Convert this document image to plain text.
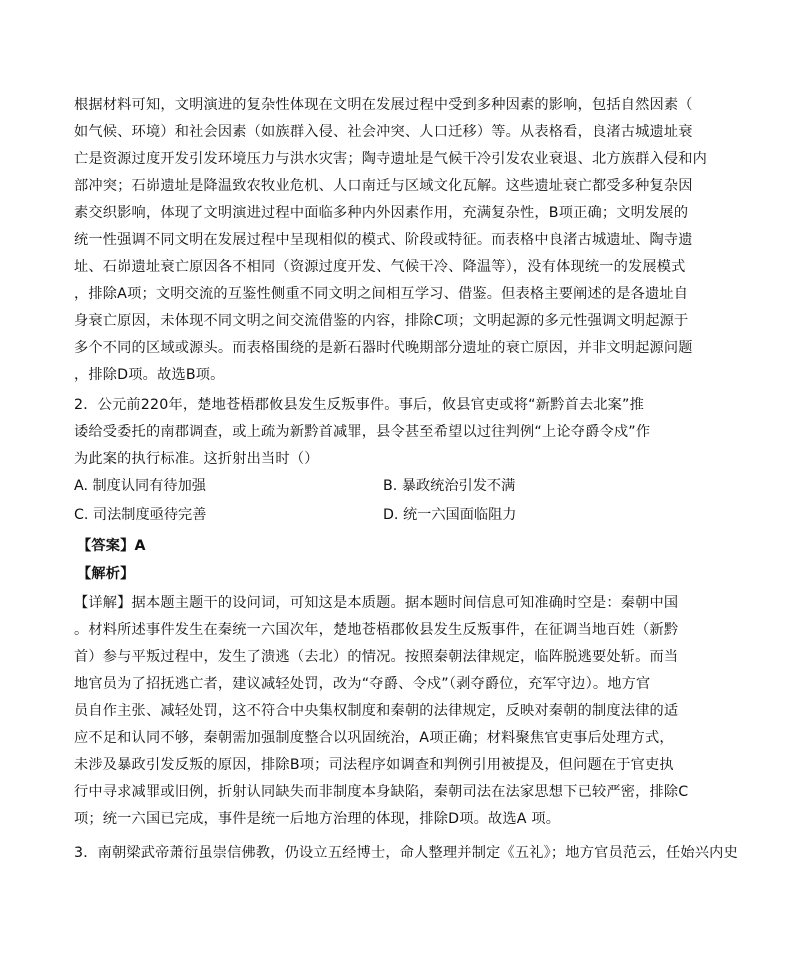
根据材料可知，文明演进的复杂性体现在文明在发展过程中受到多种因素的影响，包括自然因素（
如气候、环境）和社会因素（如族群入侵、社会冲突、人口迁移）等。从表格看，良渚古城遗址衰
亡是资源过度开发引发环境压力与洪水灾害；陶寺遗址是气候干冷引发农业衰退、北方族群入侵和内
部冲突；石峁遗址是降温致农牧业危机、人口南迁与区域文化瓦解。这些遗址衰亡都受多种复杂因
素交织影响，体现了文明演进过程中面临多种内外因素作用，充满复杂性，B项正确；文明发展的
统一性强调不同文明在发展过程中呈现相似的模式、阶段或特征。而表格中良渚古城遗址、陶寺遗
址、石峁遗址衰亡原因各不相同（资源过度开发、气候干冷、降温等），没有体现统一的发展模式
，排除A项；文明交流的互鉴性侧重不同文明之间相互学习、借鉴。但表格主要阐述的是各遗址自
身衰亡原因，未体现不同文明之间交流借鉴的内容，排除C项；文明起源的多元性强调文明起源于
多个不同的区域或源头。而表格围绕的是新石器时代晚期部分遗址的衰亡原因，并非文明起源问题
，排除D项。故选B项。
2．公元前220年，楚地苍梧郡攸县发生反叛事件。事后，攸县官吏或将“新黔首去北案”推
诿给受委托的南郡调查，或上疏为新黔首减罪，县令甚至希望以过往判例“上论夺爵令戍”作
为此案的执行标准。这折射出当时（）
A. 制度认同有待加强	B. 暴政统治引发不满
C. 司法制度亟待完善	D. 统一六国面临阻力
【答案】A
【解析】
【详解】据本题主题干的设问词，可知这是本质题。据本题时间信息可知准确时空是：秦朝中国
。材料所述事件发生在秦统一六国次年，楚地苍梧郡攸县发生反叛事件，在征调当地百姓（新黔
首）参与平叛过程中，发生了溃逃（去北）的情况。按照秦朝法律规定，临阵脱逃要处斩。而当
地官员为了招抚逃亡者，建议减轻处罚，改为“夺爵、令戍”（剥夺爵位，充军守边）。地方官
员自作主张、减轻处罚，这不符合中央集权制度和秦朝的法律规定，反映对秦朝的制度法律的适
应不足和认同不够，秦朝需加强制度整合以巩固统治，A项正确；材料聚焦官吏事后处理方式，
未涉及暴政引发反叛的原因，排除B项；司法程序如调查和判例引用被提及，但问题在于官吏执
行中寻求减罪或旧例，折射认同缺失而非制度本身缺陷，秦朝司法在法家思想下已较严密，排除C
项；统一六国已完成，事件是统一后地方治理的体现，排除D项。故选A 项。
3．南朝梁武帝萧衍虽崇信佛教，仍设立五经博士，命人整理并制定《五礼》；地方官员范云，任始兴内史
